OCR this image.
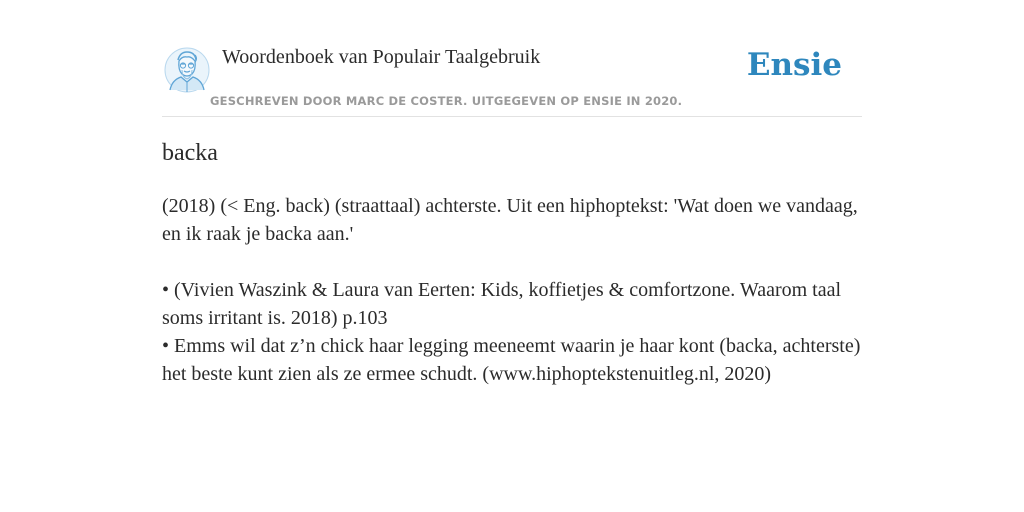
Woordenboek van Populair Taalgebruik
GESCHREVEN DOOR MARC DE COSTER. UITGEGEVEN OP ENSIE IN 2020.
Ensie
backa

(2018) (< Eng. back) (straattaal) achterste. Uit een hiphoptekst: 'Wat doen we vandaag, en ik raak je backa aan.'

• (Vivien Waszink & Laura van Eerten: Kids, koffietjes & comfortzone. Waarom taal soms irritant is. 2018) p.103

• Emms wil dat z’n chick haar legging meeneemt waarin je haar kont (backa, achterste) het beste kunt zien als ze ermee schudt. (www.hiphoptekstenuitleg.nl, 2020)
